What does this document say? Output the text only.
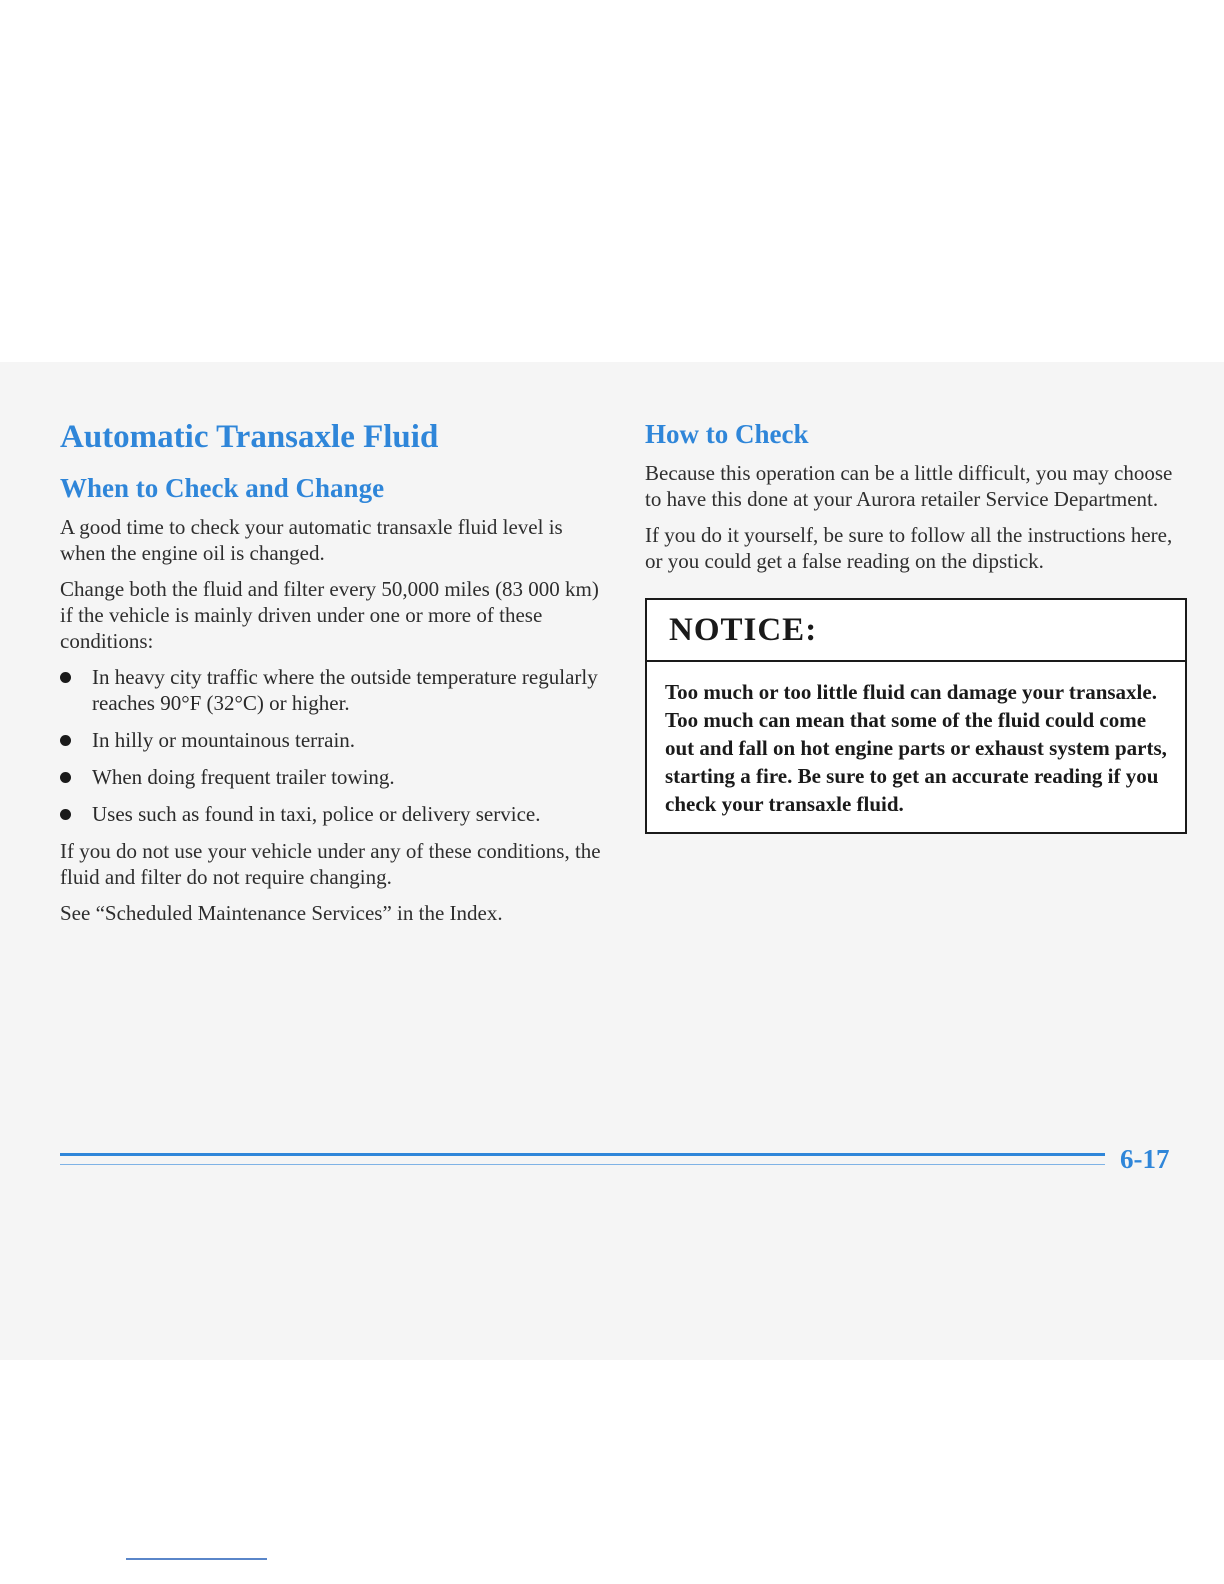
Automatic Transaxle Fluid
When to Check and Change

A good time to check your automatic transaxle fluid level is when the engine oil is changed.

Change both the fluid and filter every 50,000 miles (83 000 km) if the vehicle is mainly driven under one or more of these conditions:

In heavy city traffic where the outside temperature regularly reaches 90°F (32°C) or higher.
In hilly or mountainous terrain.
When doing frequent trailer towing.
Uses such as found in taxi, police or delivery service.

If you do not use your vehicle under any of these conditions, the fluid and filter do not require changing.

See “Scheduled Maintenance Services” in the Index.

How to Check

Because this operation can be a little difficult, you may choose to have this done at your Aurora retailer Service Department.

If you do it yourself, be sure to follow all the instructions here, or you could get a false reading on the dipstick.

NOTICE:
Too much or too little fluid can damage your transaxle. Too much can mean that some of the fluid could come out and fall on hot engine parts or exhaust system parts, starting a fire. Be sure to get an accurate reading if you check your transaxle fluid.
6-17
